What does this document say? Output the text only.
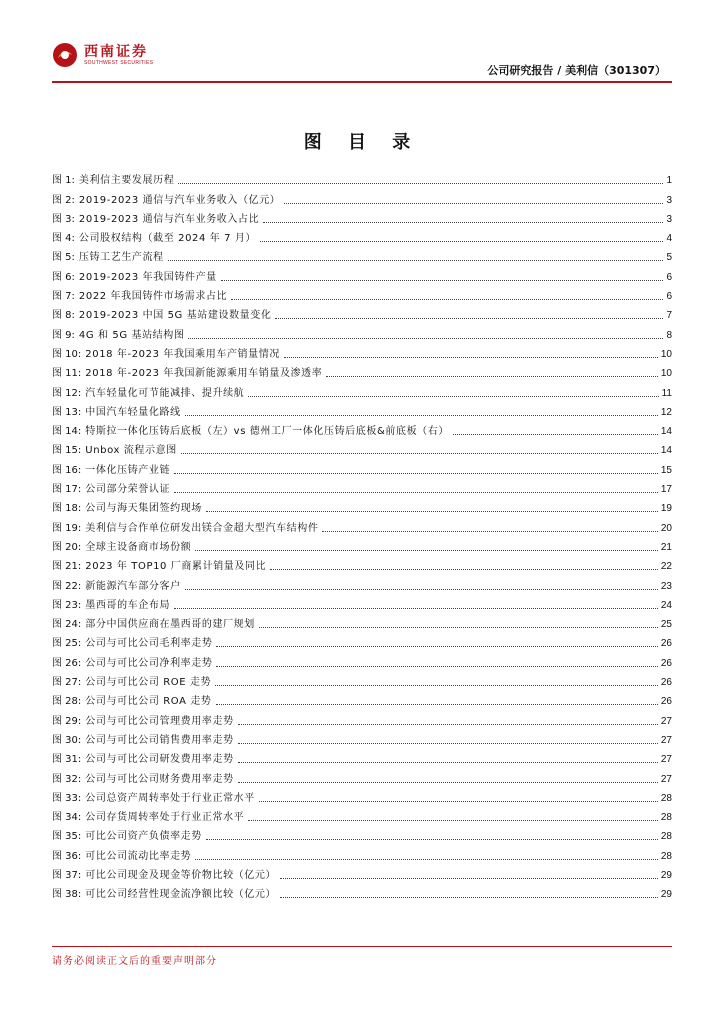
西南证券
SOUTHWEST SECURITIES
公司研究报告 / 美利信（301307）
图 目 录
图 1: 美利信主要发展历程	1
图 2: 2019-2023 通信与汽车业务收入（亿元）	3
图 3: 2019-2023 通信与汽车业务收入占比	3
图 4: 公司股权结构（截至 2024 年 7 月）	4
图 5: 压铸工艺生产流程	5
图 6: 2019-2023 年我国铸件产量	6
图 7: 2022 年我国铸件市场需求占比	6
图 8: 2019-2023 中国 5G 基站建设数量变化	7
图 9: 4G 和 5G 基站结构图	8
图 10: 2018 年-2023 年我国乘用车产销量情况	10
图 11: 2018 年-2023 年我国新能源乘用车销量及渗透率	10
图 12: 汽车轻量化可节能减排、提升续航	11
图 13: 中国汽车轻量化路线	12
图 14: 特斯拉一体化压铸后底板（左）vs 德州工厂一体化压铸后底板&前底板（右）	14
图 15: Unbox 流程示意图	14
图 16: 一体化压铸产业链	15
图 17: 公司部分荣誉认证	17
图 18: 公司与海天集团签约现场	19
图 19: 美利信与合作单位研发出镁合金超大型汽车结构件	20
图 20: 全球主设备商市场份额	21
图 21: 2023 年 TOP10 厂商累计销量及同比	22
图 22: 新能源汽车部分客户	23
图 23: 墨西哥的车企布局	24
图 24: 部分中国供应商在墨西哥的建厂规划	25
图 25: 公司与可比公司毛利率走势	26
图 26: 公司与可比公司净利率走势	26
图 27: 公司与可比公司 ROE 走势	26
图 28: 公司与可比公司 ROA 走势	26
图 29: 公司与可比公司管理费用率走势	27
图 30: 公司与可比公司销售费用率走势	27
图 31: 公司与可比公司研发费用率走势	27
图 32: 公司与可比公司财务费用率走势	27
图 33: 公司总资产周转率处于行业正常水平	28
图 34: 公司存货周转率处于行业正常水平	28
图 35: 可比公司资产负债率走势	28
图 36: 可比公司流动比率走势	28
图 37: 可比公司现金及现金等价物比较（亿元）	29
图 38: 可比公司经营性现金流净额比较（亿元）	29
请务必阅读正文后的重要声明部分
